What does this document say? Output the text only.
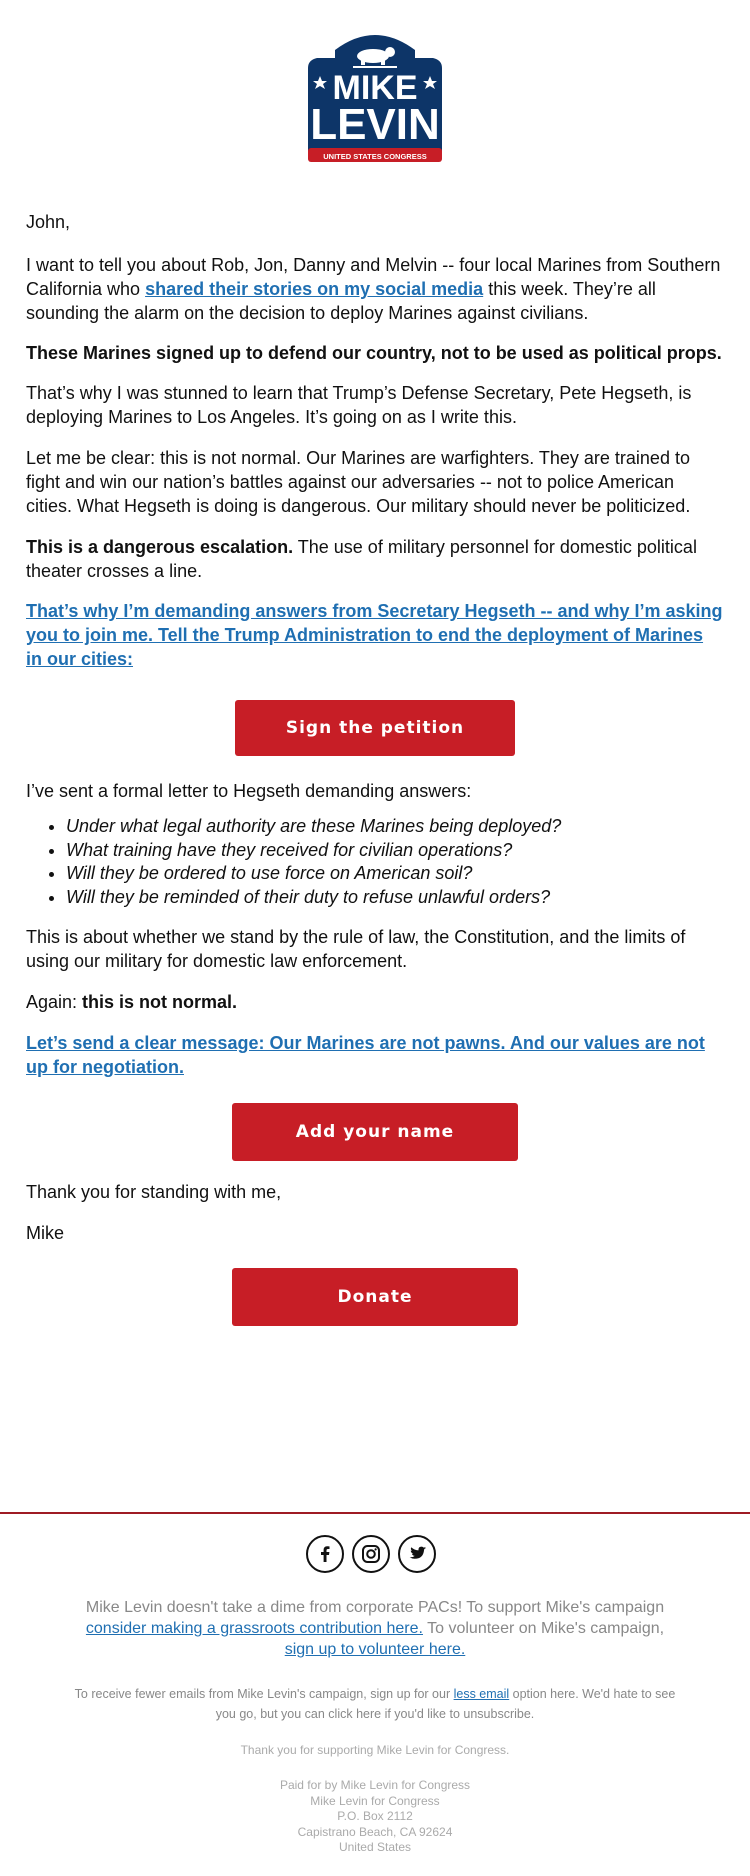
MIKE
LEVIN
UNITED STATES CONGRESS

John,

I want to tell you about Rob, Jon, Danny and Melvin -- four local Marines from Southern California who shared their stories on my social media this week. They’re all sounding the alarm on the decision to deploy Marines against civilians.

These Marines signed up to defend our country, not to be used as political props.

That’s why I was stunned to learn that Trump’s Defense Secretary, Pete Hegseth, is deploying Marines to Los Angeles. It’s going on as I write this.

Let me be clear: this is not normal. Our Marines are warfighters. They are trained to fight and win our nation’s battles against our adversaries -- not to police American cities. What Hegseth is doing is dangerous. Our military should never be politicized.

This is a dangerous escalation. The use of military personnel for domestic political theater crosses a line.

That’s why I’m demanding answers from Secretary Hegseth -- and why I’m asking you to join me. Tell the Trump Administration to end the deployment of Marines in our cities:

Sign the petition

I’ve sent a formal letter to Hegseth demanding answers:

• Under what legal authority are these Marines being deployed?
• What training have they received for civilian operations?
• Will they be ordered to use force on American soil?
• Will they be reminded of their duty to refuse unlawful orders?

This is about whether we stand by the rule of law, the Constitution, and the limits of using our military for domestic law enforcement.

Again: this is not normal.

Let’s send a clear message: Our Marines are not pawns. And our values are not up for negotiation.

Add your name

Thank you for standing with me,

Mike

Donate
Mike Levin doesn't take a dime from corporate PACs! To support Mike's campaign consider making a grassroots contribution here. To volunteer on Mike's campaign, sign up to volunteer here.
To receive fewer emails from Mike Levin's campaign, sign up for our less email option here. We'd hate to see you go, but you can click here if you'd like to unsubscribe.
Thank you for supporting Mike Levin for Congress.
Paid for by Mike Levin for Congress
Mike Levin for Congress
P.O. Box 2112
Capistrano Beach, CA 92624
United States
